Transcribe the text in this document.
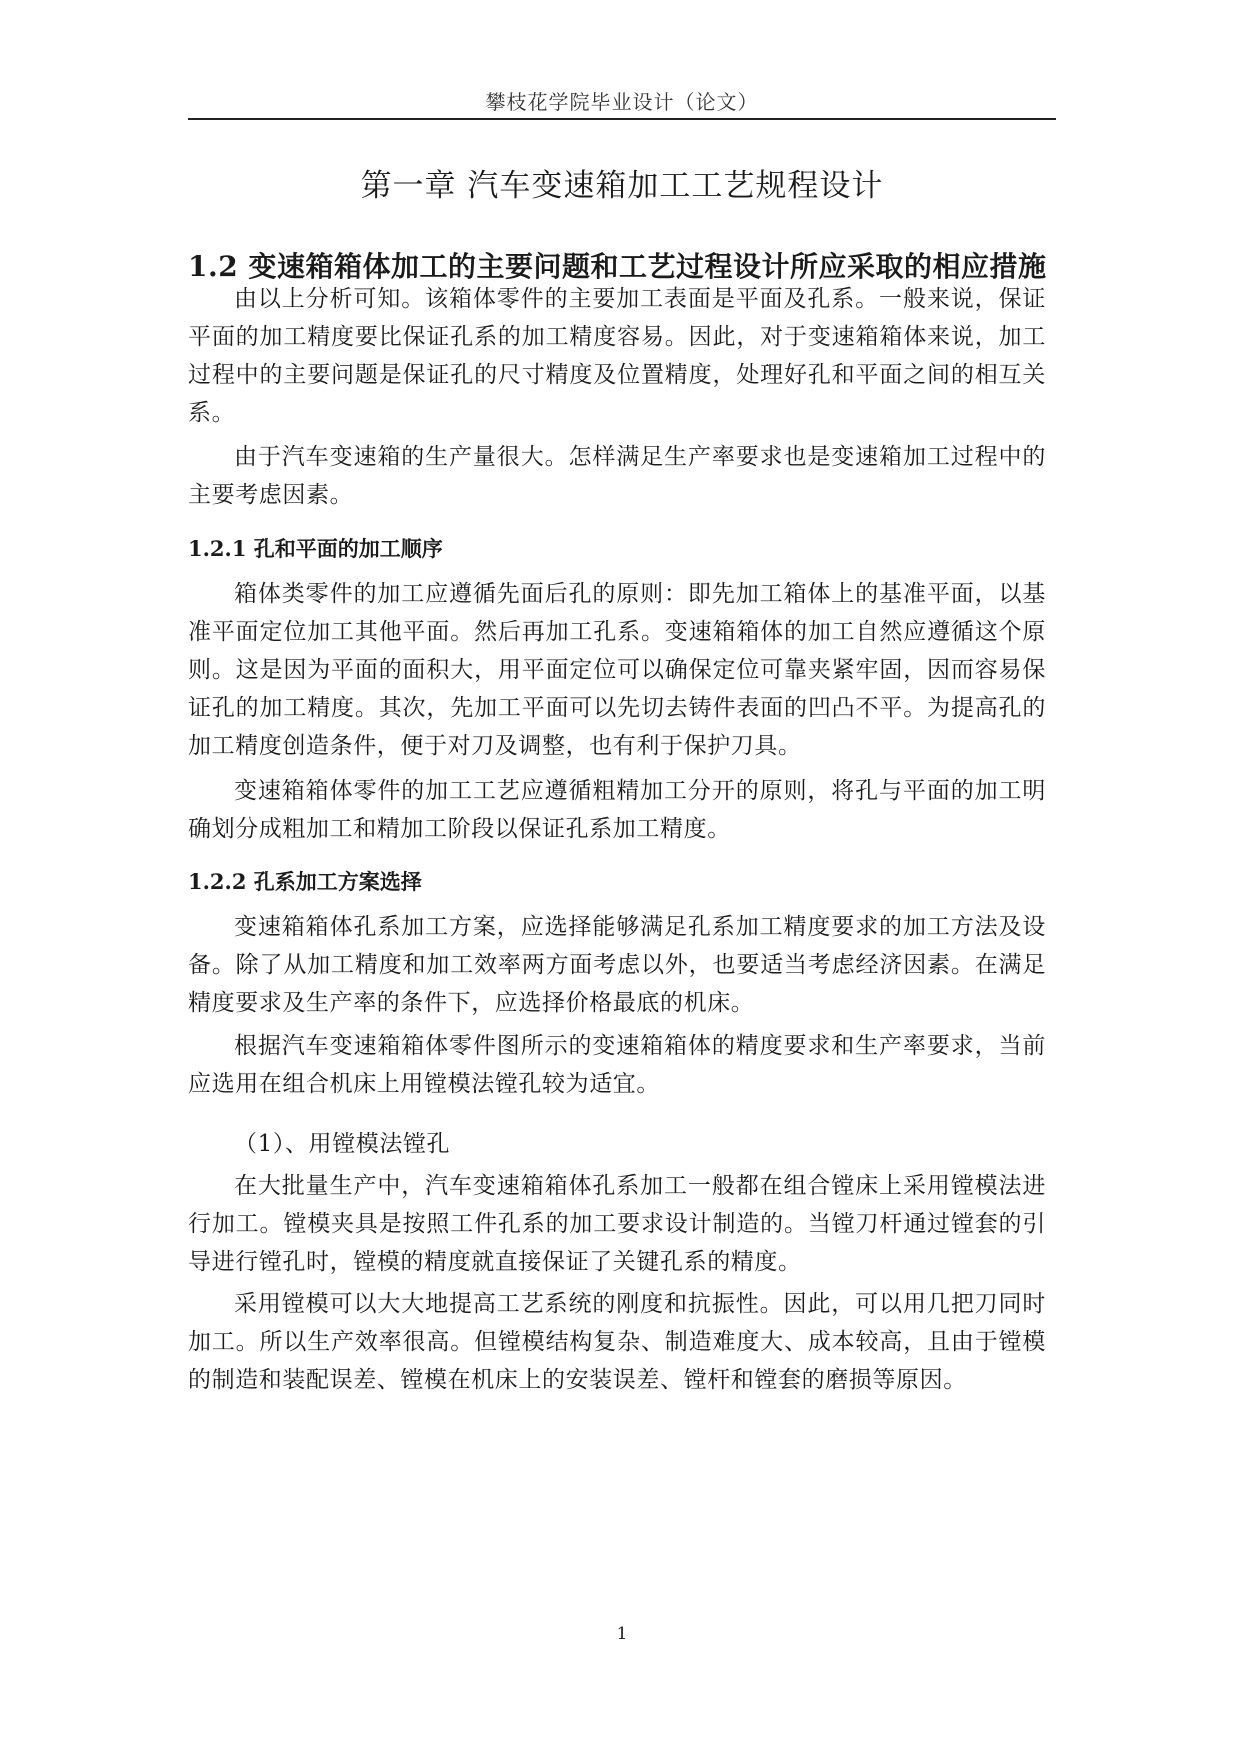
攀枝花学院毕业设计（论文）
第一章 汽车变速箱加工工艺规程设计
1.2 变速箱箱体加工的主要问题和工艺过程设计所应采取的相应措施

由以上分析可知。该箱体零件的主要加工表面是平面及孔系。一般来说，保证平面的加工精度要比保证孔系的加工精度容易。因此，对于变速箱箱体来说，加工过程中的主要问题是保证孔的尺寸精度及位置精度，处理好孔和平面之间的相互关系。

由于汽车变速箱的生产量很大。怎样满足生产率要求也是变速箱加工过程中的主要考虑因素。

1.2.1 孔和平面的加工顺序

箱体类零件的加工应遵循先面后孔的原则：即先加工箱体上的基准平面，以基准平面定位加工其他平面。然后再加工孔系。变速箱箱体的加工自然应遵循这个原则。这是因为平面的面积大，用平面定位可以确保定位可靠夹紧牢固，因而容易保证孔的加工精度。其次，先加工平面可以先切去铸件表面的凹凸不平。为提高孔的加工精度创造条件，便于对刀及调整，也有利于保护刀具。

变速箱箱体零件的加工工艺应遵循粗精加工分开的原则，将孔与平面的加工明确划分成粗加工和精加工阶段以保证孔系加工精度。

1.2.2 孔系加工方案选择

变速箱箱体孔系加工方案，应选择能够满足孔系加工精度要求的加工方法及设备。除了从加工精度和加工效率两方面考虑以外，也要适当考虑经济因素。在满足精度要求及生产率的条件下，应选择价格最底的机床。

根据汽车变速箱箱体零件图所示的变速箱箱体的精度要求和生产率要求，当前应选用在组合机床上用镗模法镗孔较为适宜。

（1）、用镗模法镗孔

在大批量生产中，汽车变速箱箱体孔系加工一般都在组合镗床上采用镗模法进行加工。镗模夹具是按照工件孔系的加工要求设计制造的。当镗刀杆通过镗套的引导进行镗孔时，镗模的精度就直接保证了关键孔系的精度。

采用镗模可以大大地提高工艺系统的刚度和抗振性。因此，可以用几把刀同时加工。所以生产效率很高。但镗模结构复杂、制造难度大、成本较高，且由于镗模的制造和装配误差、镗模在机床上的安装误差、镗杆和镗套的磨损等原因。

1
